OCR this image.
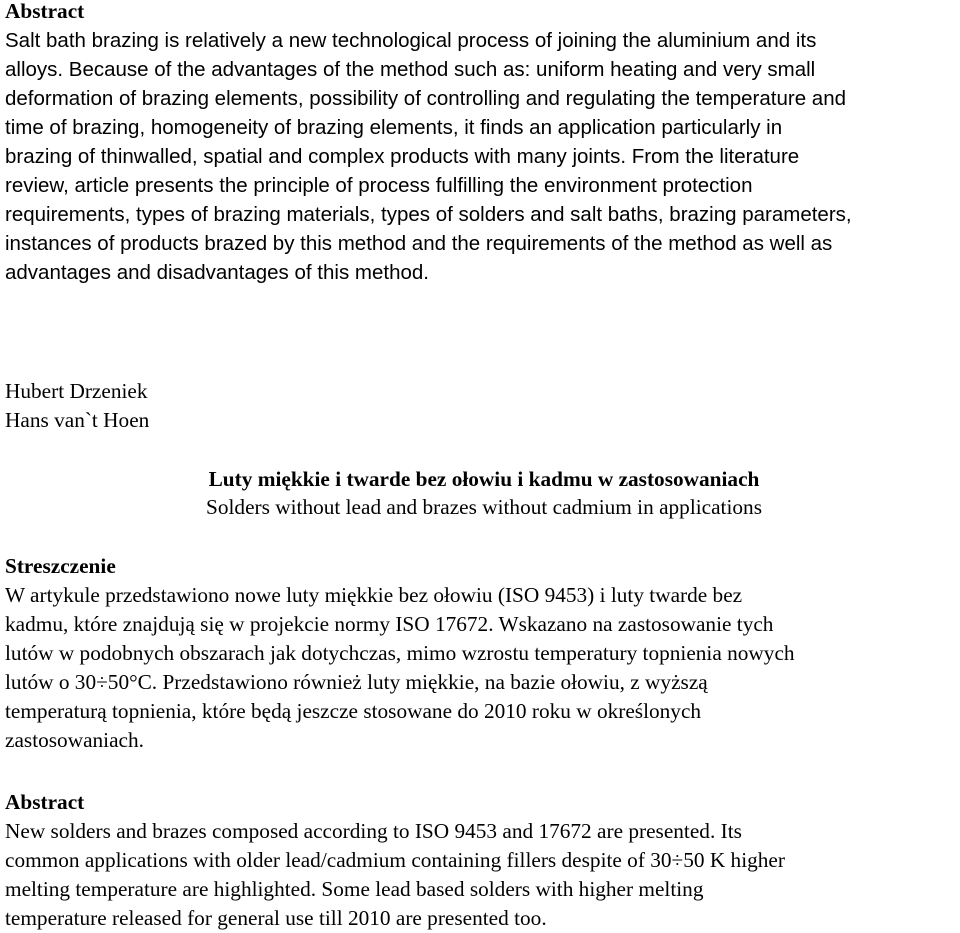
Abstract
Salt bath brazing is relatively a new technological process of joining the aluminium and its
alloys. Because of the advantages of the method such as: uniform heating and very small
deformation of brazing elements, possibility of controlling and regulating the temperature and
time of brazing, homogeneity of brazing elements, it finds an application particularly in
brazing of thinwalled, spatial and complex products with many joints. From the literature
review, article presents the principle of process fulfilling the environment protection
requirements, types of brazing materials, types of solders and salt baths, brazing parameters,
instances of products brazed by this method and the requirements of the method as well as
advantages and disadvantages of this method.
Hubert Drzeniek
Hans van`t Hoen
Luty miękkie i twarde bez ołowiu i kadmu w zastosowaniach
Solders without lead and brazes without cadmium in applications
Streszczenie
W artykule przedstawiono nowe luty miękkie bez ołowiu (ISO 9453) i luty twarde bez
kadmu, które znajdują się w projekcie normy ISO 17672. Wskazano na zastosowanie tych
lutów w podobnych obszarach jak dotychczas, mimo wzrostu temperatury topnienia nowych
lutów o 30÷50°C. Przedstawiono również luty miękkie, na bazie ołowiu, z wyższą
temperaturą topnienia, które będą jeszcze stosowane do 2010 roku w określonych
zastosowaniach.
Abstract
New solders and brazes composed according to ISO 9453 and 17672 are presented. Its
common applications with older lead/cadmium containing fillers despite of 30÷50 K higher
melting temperature are highlighted. Some lead based solders with higher melting
temperature released for general use till 2010 are presented too.
